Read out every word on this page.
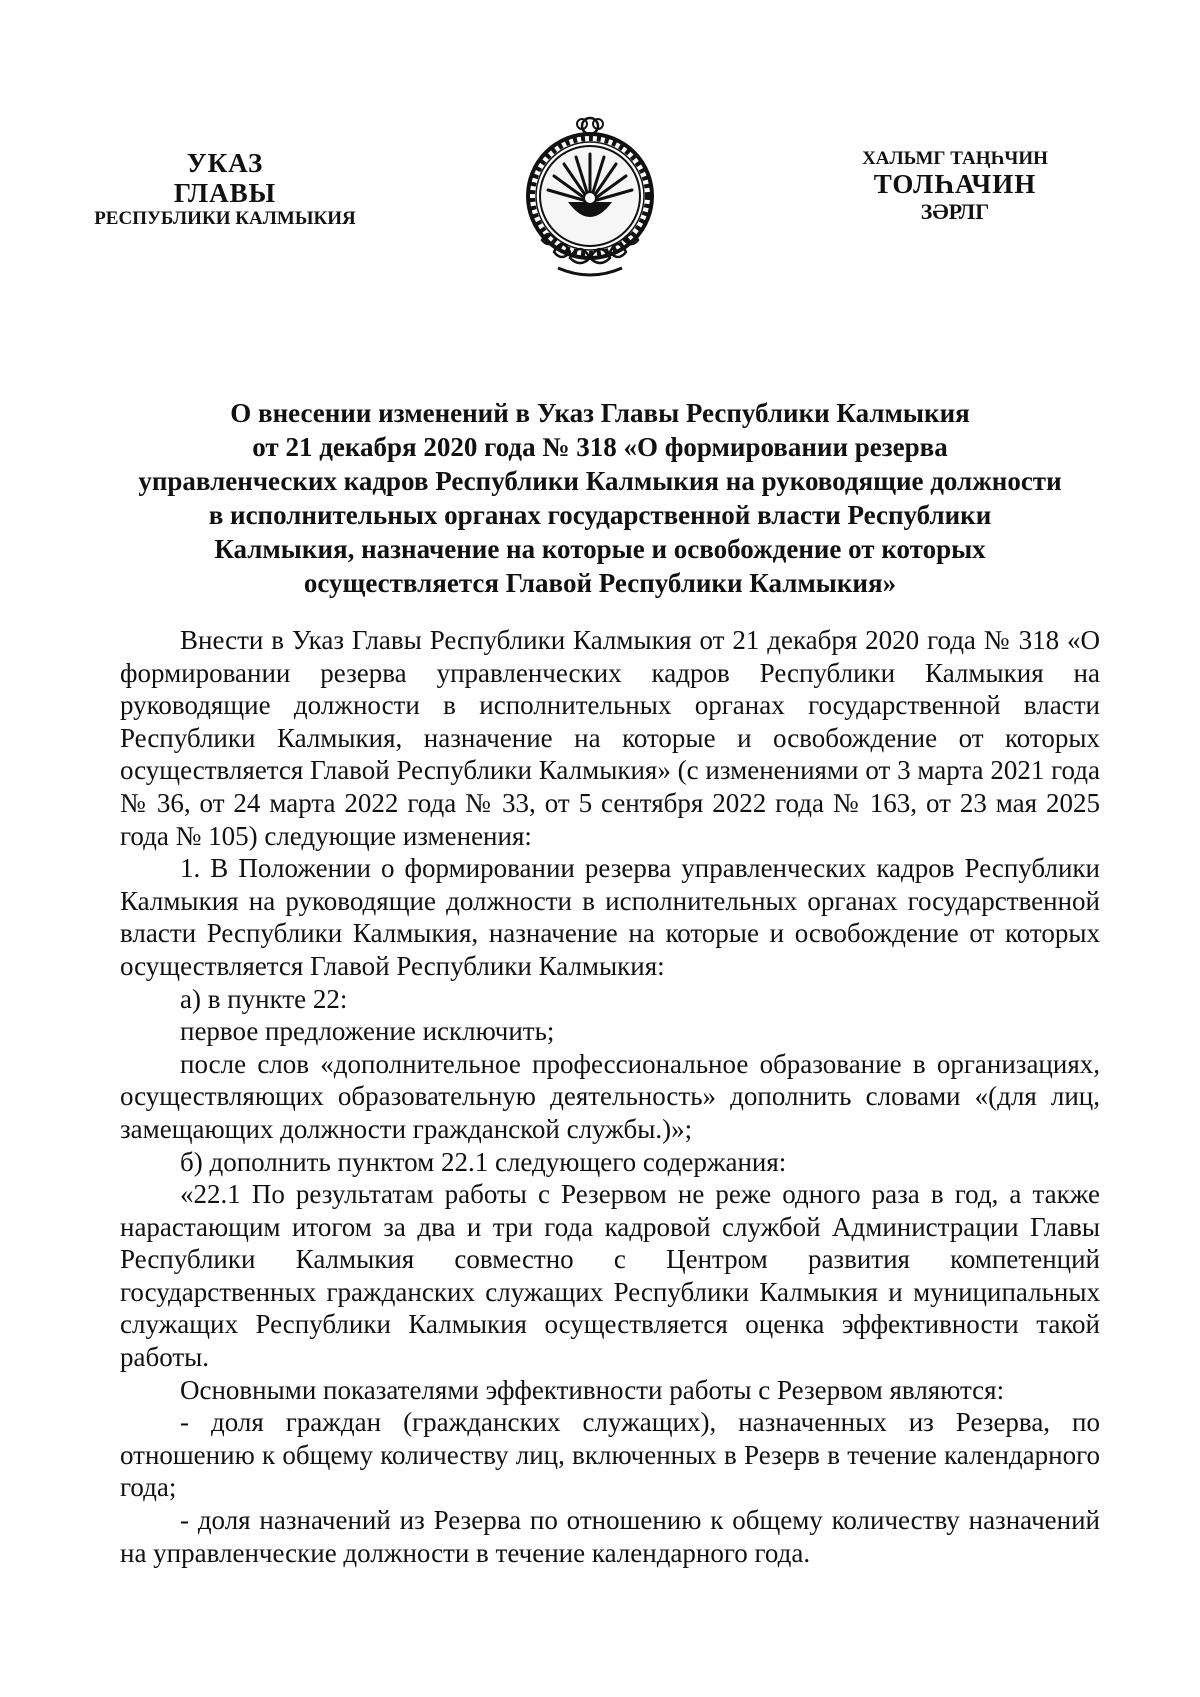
УКАЗ
ГЛАВЫ
РЕСПУБЛИКИ КАЛМЫКИЯ
ХАЛЬМГ ТАҢҺЧИН
ТОЛҺАЧИН
ЗӘРЛГ
О внесении изменений в Указ Главы Республики Калмыкия
от 21 декабря 2020 года № 318 «О формировании резерва
управленческих кадров Республики Калмыкия на руководящие должности
в исполнительных органах государственной власти Республики
Калмыкия, назначение на которые и освобождение от которых
осуществляется Главой Республики Калмыкия»

Внести в Указ Главы Республики Калмыкия от 21 декабря 2020 года № 318 «О формировании резерва управленческих кадров Республики Калмыкия на руководящие должности в исполнительных органах государственной власти Республики Калмыкия, назначение на которые и освобождение от которых осуществляется Главой Республики Калмыкия» (с изменениями от 3 марта 2021 года № 36, от 24 марта 2022 года № 33, от 5 сентября 2022 года № 163, от 23 мая 2025 года № 105) следующие изменения:

1. В Положении о формировании резерва управленческих кадров Республики Калмыкия на руководящие должности в исполнительных органах государственной власти Республики Калмыкия, назначение на которые и освобождение от которых осуществляется Главой Республики Калмыкия:

а) в пункте 22:

первое предложение исключить;

после слов «дополнительное профессиональное образование в организациях, осуществляющих образовательную деятельность» дополнить словами «(для лиц, замещающих должности гражданской службы.)»;

б) дополнить пунктом 22.1 следующего содержания:

«22.1 По результатам работы с Резервом не реже одного раза в год, а также нарастающим итогом за два и три года кадровой службой Администрации Главы Республики Калмыкия совместно с Центром развития компетенций государственных гражданских служащих Республики Калмыкия и муниципальных служащих Республики Калмыкия осуществляется оценка эффективности такой работы.

Основными показателями эффективности работы с Резервом являются:

- доля граждан (гражданских служащих), назначенных из Резерва, по отношению к общему количеству лиц, включенных в Резерв в течение календарного года;

- доля назначений из Резерва по отношению к общему количеству назначений на управленческие должности в течение календарного года.
